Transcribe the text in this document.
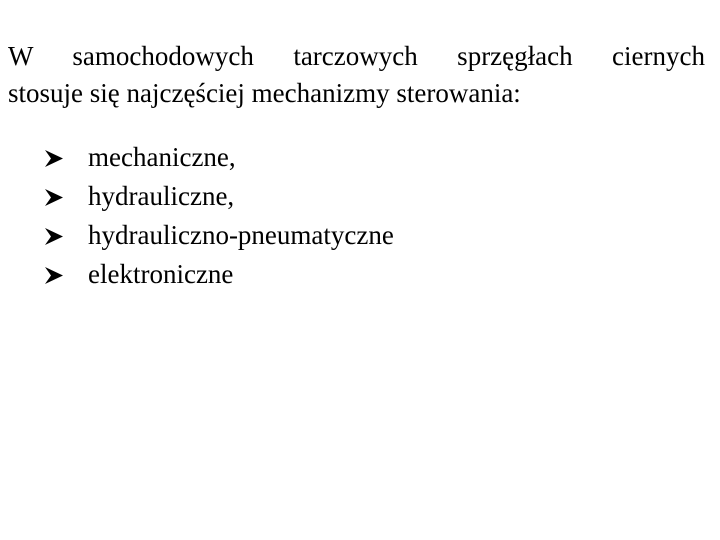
W samochodowych tarczowych sprzęgłach ciernych
stosuje się najczęściej mechanizmy sterowania:

mechaniczne,
hydrauliczne,
hydrauliczno-pneumatyczne
elektroniczne
